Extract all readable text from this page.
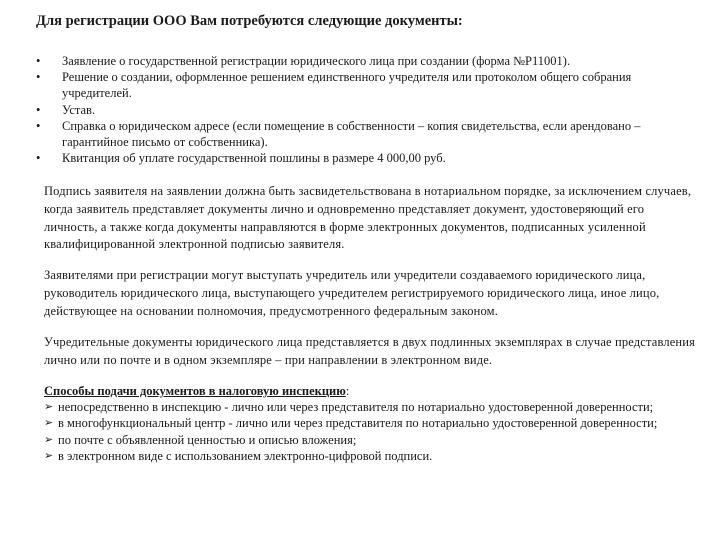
Для регистрации ООО Вам потребуются следующие документы:
• Заявление о государственной регистрации юридического лица при создании (форма №Р11001).
• Решение о создании, оформленное решением единственного учредителя или протоколом общего собрания учредителей.
• Устав.
• Справка о юридическом адресе (если помещение в собственности – копия свидетельства, если арендовано – гарантийное письмо от собственника).
• Квитанция об уплате государственной пошлины в размере 4 000,00 руб.

Подпись заявителя на заявлении должна быть засвидетельствована в нотариальном порядке, за исключением случаев, когда заявитель представляет документы лично и одновременно представляет документ, удостоверяющий его личность, а также когда документы направляются в форме электронных документов, подписанных усиленной квалифицированной электронной подписью заявителя.

Заявителями при регистрации могут выступать учредитель или учредители создаваемого юридического лица, руководитель юридического лица, выступающего учредителем регистрируемого юридического лица, иное лицо, действующее на основании полномочия, предусмотренного федеральным законом.

Учредительные документы юридического лица представляется в двух подлинных экземплярах в случае представления лично или по почте и в одном экземпляре – при направлении в электронном виде.

Способы подачи документов в налоговую инспекцию:
➢ непосредственно в инспекцию - лично или через представителя по нотариально удостоверенной доверенности;
➢ в многофункциональный центр - лично или через представителя по нотариально удостоверенной доверенности;
➢ по почте с объявленной ценностью и описью вложения;
➢ в электронном виде с использованием электронно-цифровой подписи.
